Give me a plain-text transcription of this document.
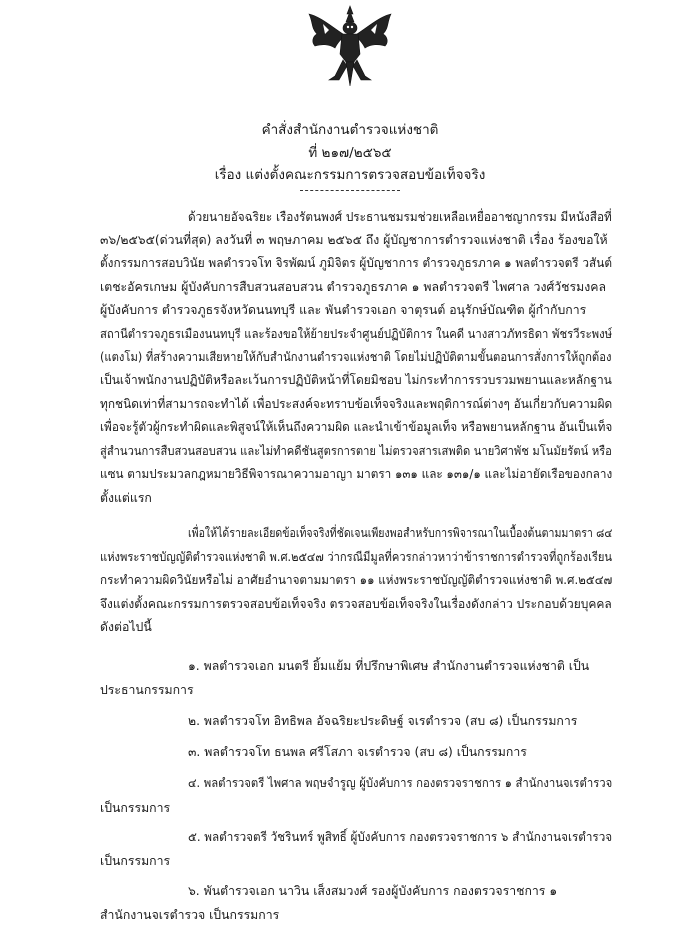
คำสั่งสำนักงานตำรวจแห่งชาติ
ที่ ๒๑๗/๒๕๖๕
เรื่อง แต่งตั้งคณะกรรมการตรวจสอบข้อเท็จจริง
ด้วยนายอัจฉริยะ เรืองรัตนพงศ์ ประธานชมรมช่วยเหลือเหยื่ออาชญากรรม มีหนังสือที่
๓๖/๒๕๖๕(ด่วนที่สุด) ลงวันที่ ๓ พฤษภาคม ๒๕๖๕ ถึง ผู้บัญชาการตำรวจแห่งชาติ เรื่อง ร้องขอให้
ตั้งกรรมการสอบวินัย พลตำรวจโท จิรพัฒน์ ภูมิจิตร ผู้บัญชาการ ตำรวจภูธรภาค ๑ พลตำรวจตรี วสันต์
เตชะอัครเกษม ผู้บังคับการสืบสวนสอบสวน ตำรวจภูธรภาค ๑ พลตำรวจตรี ไพศาล วงศ์วัชรมงคล
ผู้บังคับการ ตำรวจภูธรจังหวัดนนทบุรี และ พันตำรวจเอก จาตุรนต์ อนุรักษ์บัณฑิต ผู้กำกับการ
สถานีตำรวจภูธรเมืองนนทบุรี และร้องขอให้ย้ายประจำศูนย์ปฏิบัติการ ในคดี นางสาวภัทรธิดา พัชรวีระพงษ์
(แตงโม) ที่สร้างความเสียหายให้กับสำนักงานตำรวจแห่งชาติ โดยไม่ปฏิบัติตามขั้นตอนการสั่งการให้ถูกต้อง
เป็นเจ้าพนักงานปฏิบัติหรือละเว้นการปฏิบัติหน้าที่โดยมิชอบ ไม่กระทำการรวบรวมพยานและหลักฐาน
ทุกชนิดเท่าที่สามารถจะทำได้ เพื่อประสงค์จะทราบข้อเท็จจริงและพฤติการณ์ต่างๆ อันเกี่ยวกับความผิด
เพื่อจะรู้ตัวผู้กระทำผิดและพิสูจน์ให้เห็นถึงความผิด และนำเข้าข้อมูลเท็จ หรือพยานหลักฐาน อันเป็นเท็จ
สู่สำนวนการสืบสวนสอบสวน และไม่ทำคดีชันสูตรการตาย ไม่ตรวจสารเสพติด นายวิศาพัช มโนมัยรัตน์ หรือ
แซน ตามประมวลกฎหมายวิธีพิจารณาความอาญา มาตรา ๑๓๑ และ ๑๓๑/๑ และไม่อายัดเรือของกลาง
ตั้งแต่แรก
เพื่อให้ได้รายละเอียดข้อเท็จจริงที่ชัดเจนเพียงพอสำหรับการพิจารณาในเบื้องต้นตามมาตรา ๘๔
แห่งพระราชบัญญัติตำรวจแห่งชาติ พ.ศ.๒๕๔๗ ว่ากรณีมีมูลที่ควรกล่าวหาว่าข้าราชการตำรวจที่ถูกร้องเรียน
กระทำความผิดวินัยหรือไม่ อาศัยอำนาจตามมาตรา ๑๑ แห่งพระราชบัญญัติตำรวจแห่งชาติ พ.ศ.๒๕๔๗
จึงแต่งตั้งคณะกรรมการตรวจสอบข้อเท็จจริง ตรวจสอบข้อเท็จจริงในเรื่องดังกล่าว ประกอบด้วยบุคคล
ดังต่อไปนี้
๑. พลตำรวจเอก มนตรี ยิ้มแย้ม ที่ปรึกษาพิเศษ สำนักงานตำรวจแห่งชาติ เป็น
ประธานกรรมการ
๒. พลตำรวจโท อิทธิพล อัจฉริยะประดิษฐ์ จเรตำรวจ (สบ ๘) เป็นกรรมการ
๓. พลตำรวจโท ธนพล ศรีโสภา จเรตำรวจ (สบ ๘) เป็นกรรมการ
๔. พลตำรวจตรี ไพศาล พฤษจำรูญ ผู้บังคับการ กองตรวจราชการ ๑ สำนักงานจเรตำรวจ
เป็นกรรมการ
๕. พลตำรวจตรี วัชรินทร์ พูสิทธิ์ ผู้บังคับการ กองตรวจราชการ ๖ สำนักงานจเรตำรวจ
เป็นกรรมการ
๖. พันตำรวจเอก นาวิน เส็งสมวงศ์ รองผู้บังคับการ กองตรวจราชการ ๑
สำนักงานจเรตำรวจ เป็นกรรมการ
